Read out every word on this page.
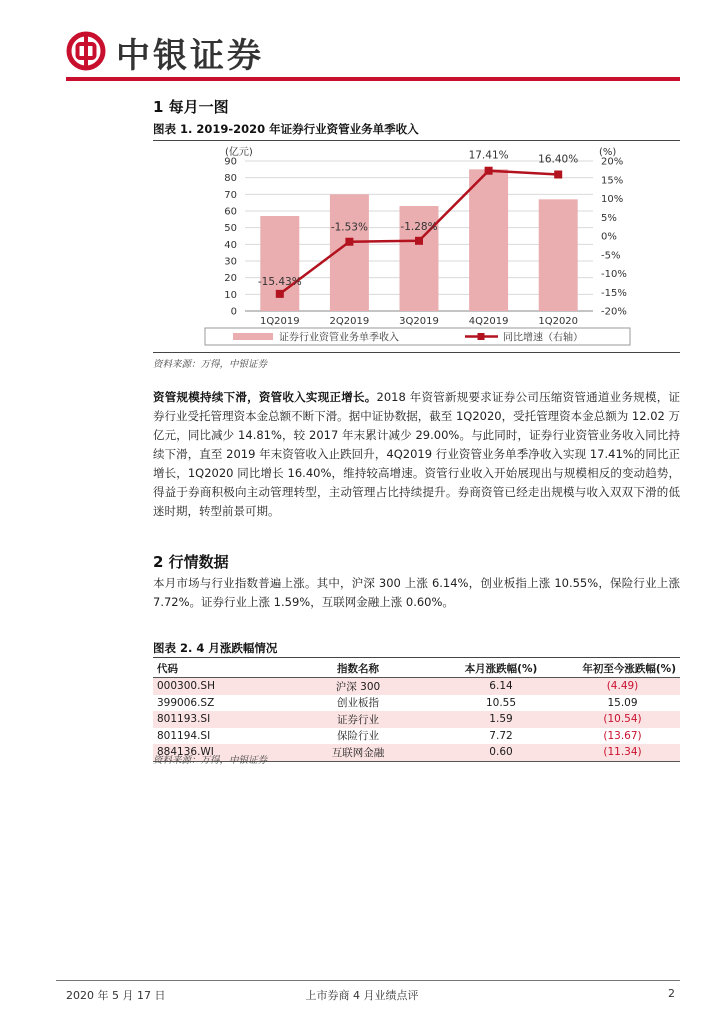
中银证券
1 每月一图
图表 1. 2019-2020 年证券行业资管业务单季收入
0
10
20
30
40
50
60
70
80
90
-20%
-15%
-10%
-5%
0%
5%
10%
15%
20%
(亿元)	(%)
1Q2019	2Q2019	3Q2019	4Q2019	1Q2020
-15.43%
-1.53%	-1.28%
17.41%	16.40%
证券行业资管业务单季收入	同比增速（右轴）
资料来源：万得，中银证券
资管规模持续下滑，资管收入实现正增长。2018 年资管新规要求证券公司压缩资管通道业务规模，证券行业受托管理资本金总额不断下滑。据中证协数据，截至 1Q2020，受托管理资本金总额为 12.02 万亿元，同比减少 14.81%，较 2017 年末累计减少 29.00%。与此同时，证券行业资管业务收入同比持续下滑，直至 2019 年末资管收入止跌回升，4Q2019 行业资管业务单季净收入实现 17.41%的同比正增长，1Q2020 同比增长 16.40%，维持较高增速。资管行业收入开始展现出与规模相反的变动趋势，得益于券商积极向主动管理转型，主动管理占比持续提升。券商资管已经走出规模与收入双双下滑的低迷时期，转型前景可期。
2 行情数据
本月市场与行业指数普遍上涨。其中，沪深 300 上涨 6.14%，创业板指上涨 10.55%，保险行业上涨 7.72%。证券行业上涨 1.59%，互联网金融上涨 0.60%。
图表 2. 4 月涨跌幅情况
代码	指数名称	本月涨跌幅(%)	年初至今涨跌幅(%)
000300.SH	沪深 300	6.14	(4.49)
399006.SZ	创业板指	10.55	15.09
801193.SI	证券行业	1.59	(10.54)
801194.SI	保险行业	7.72	(13.67)
884136.WI	互联网金融	0.60	(11.34)
资料来源：万得，中银证券
2020 年 5 月 17 日	上市券商 4 月业绩点评	2
